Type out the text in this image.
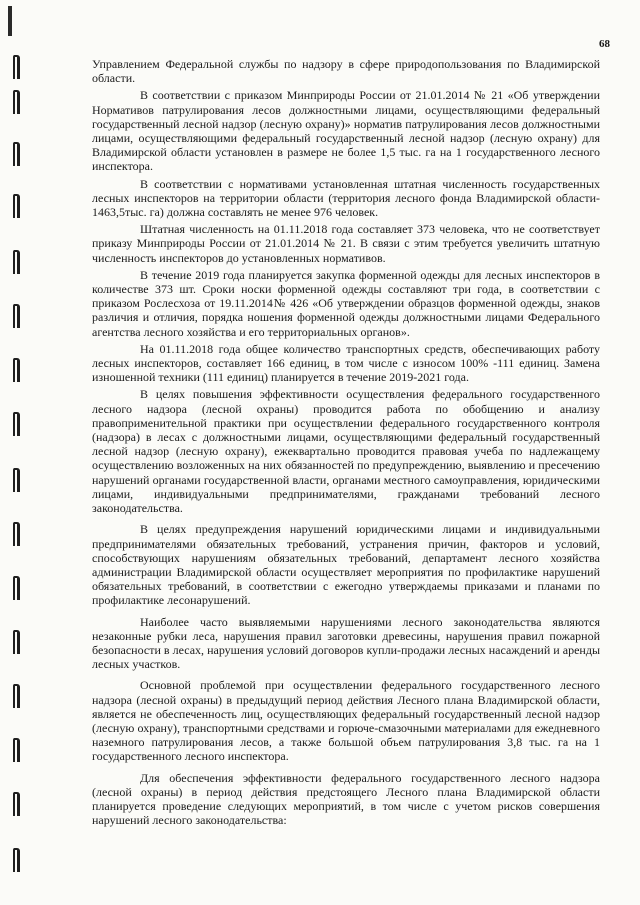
68

Управлением Федеральной службы по надзору в сфере природопользования по Владимирской области.

В соответствии с приказом Минприроды России от 21.01.2014 № 21 «Об утверждении Нормативов патрулирования лесов должностными лицами, осуществляющими федеральный государственный лесной надзор (лесную охрану)» норматив патрулирования лесов должностными лицами, осуществляющими федеральный государственный лесной надзор (лесную охрану) для Владимирской области установлен в размере не более 1,5 тыс. га на 1 государственного лесного инспектора.

В соответствии с нормативами установленная штатная численность государственных лесных инспекторов на территории области (территория лесного фонда Владимирской области- 1463,5тыс. га) должна составлять не менее 976 человек.

Штатная численность на 01.11.2018 года составляет 373 человека, что не соответствует приказу Минприроды России от 21.01.2014 № 21. В связи с этим требуется увеличить штатную численность инспекторов до установленных нормативов.

В течение 2019 года планируется закупка форменной одежды для лесных инспекторов в количестве 373 шт. Сроки носки форменной одежды составляют три года, в соответствии с приказом Рослесхоза от 19.11.2014№ 426 «Об утверждении образцов форменной одежды, знаков различия и отличия, порядка ношения форменной одежды должностными лицами Федерального агентства лесного хозяйства и его территориальных органов».

На 01.11.2018 года общее количество транспортных средств, обеспечивающих работу лесных инспекторов, составляет 166 единиц, в том числе с износом 100% -111 единиц. Замена изношенной техники (111 единиц) планируется в течение 2019-2021 года.

В целях повышения эффективности осуществления федерального государственного лесного надзора (лесной охраны) проводится работа по обобщению и анализу правоприменительной практики при осуществлении федерального государственного контроля (надзора) в лесах с должностными лицами, осуществляющими федеральный государственный лесной надзор (лесную охрану), ежеквартально проводится правовая учеба по надлежащему осуществлению возложенных на них обязанностей по предупреждению, выявлению и пресечению нарушений органами государственной власти, органами местного самоуправления, юридическими лицами, индивидуальными предпринимателями, гражданами требований лесного законодательства.

В целях предупреждения нарушений юридическими лицами и индивидуальными предпринимателями обязательных требований, устранения причин, факторов и условий, способствующих нарушениям обязательных требований, департамент лесного хозяйства администрации Владимирской области осуществляет мероприятия по профилактике нарушений обязательных требований, в соответствии с ежегодно утверждаемы приказами и планами по профилактике лесонарушений.

Наиболее часто выявляемыми нарушениями лесного законодательства являются незаконные рубки леса, нарушения правил заготовки древесины, нарушения правил пожарной безопасности в лесах, нарушения условий договоров купли-продажи лесных насаждений и аренды лесных участков.

Основной проблемой при осуществлении федерального государственного лесного надзора (лесной охраны) в предыдущий период действия Лесного плана Владимирской области, является не обеспеченность лиц, осуществляющих федеральный государственный лесной надзор (лесную охрану), транспортными средствами и горюче-смазочными материалами для ежедневного наземного патрулирования лесов, а также большой объем патрулирования 3,8 тыс. га на 1 государственного лесного инспектора.

Для обеспечения эффективности федерального государственного лесного надзора (лесной охраны) в период действия предстоящего Лесного плана Владимирской области планируется проведение следующих мероприятий, в том числе с учетом рисков совершения нарушений лесного законодательства:
